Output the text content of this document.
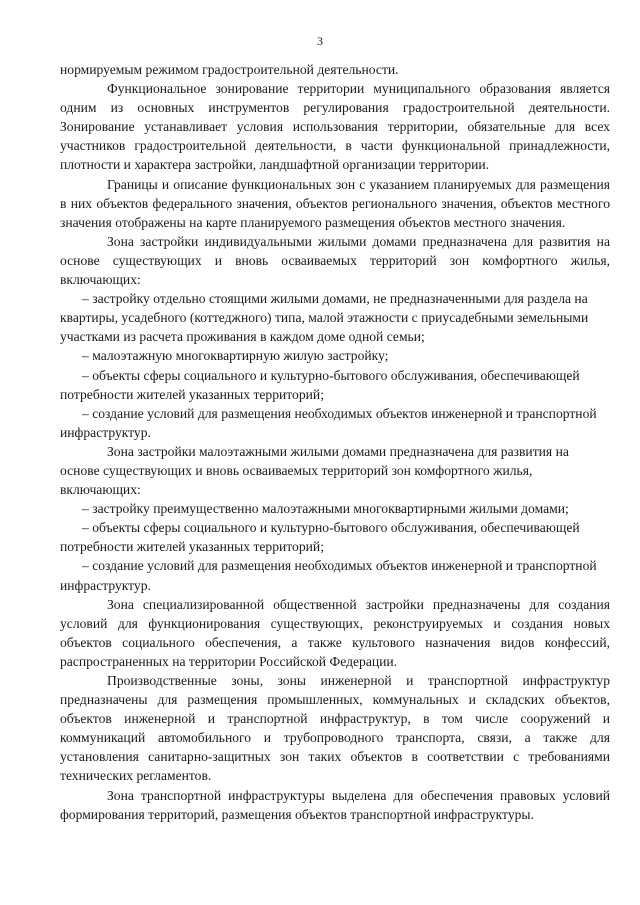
3

нормируемым режимом градостроительной деятельности.

Функциональное зонирование территории муниципального образования является одним из основных инструментов регулирования градостроительной деятельности. Зонирование устанавливает условия использования территории, обязательные для всех участников градостроительной деятельности, в части функциональной принадлежности, плотности и характера застройки, ландшафтной организации территории.

Границы и описание функциональных зон с указанием планируемых для размещения в них объектов федерального значения, объектов регионального значения, объектов местного значения отображены на карте планируемого размещения объектов местного значения.

Зона застройки индивидуальными жилыми домами предназначена для развития на основе существующих и вновь осваиваемых территорий зон комфортного жилья, включающих:

– застройку отдельно стоящими жилыми домами, не предназначенными для раздела на квартиры, усадебного (коттеджного) типа, малой этажности с приусадебными земельными участками из расчета проживания в каждом доме одной семьи;

– малоэтажную многоквартирную жилую застройку;

– объекты сферы социального и культурно-бытового обслуживания, обеспечивающей потребности жителей указанных территорий;

– создание условий для размещения необходимых объектов инженерной и транспортной инфраструктур.

Зона застройки малоэтажными жилыми домами предназначена для развития на основе существующих и вновь осваиваемых территорий зон комфортного жилья, включающих:

– застройку преимущественно малоэтажными многоквартирными жилыми домами;

– объекты сферы социального и культурно-бытового обслуживания, обеспечивающей потребности жителей указанных территорий;

– создание условий для размещения необходимых объектов инженерной и транспортной инфраструктур.

Зона специализированной общественной застройки предназначены для создания условий для функционирования существующих, реконструируемых и создания новых объектов социального обеспечения, а также культового назначения видов конфессий, распространенных на территории Российской Федерации.

Производственные зоны, зоны инженерной и транспортной инфраструктур предназначены для размещения промышленных, коммунальных и складских объектов, объектов инженерной и транспортной инфраструктур, в том числе сооружений и коммуникаций автомобильного и трубопроводного транспорта, связи, а также для установления санитарно-защитных зон таких объектов в соответствии с требованиями технических регламентов.

Зона транспортной инфраструктуры выделена для обеспечения правовых условий формирования территорий, размещения объектов транспортной инфраструктуры.
